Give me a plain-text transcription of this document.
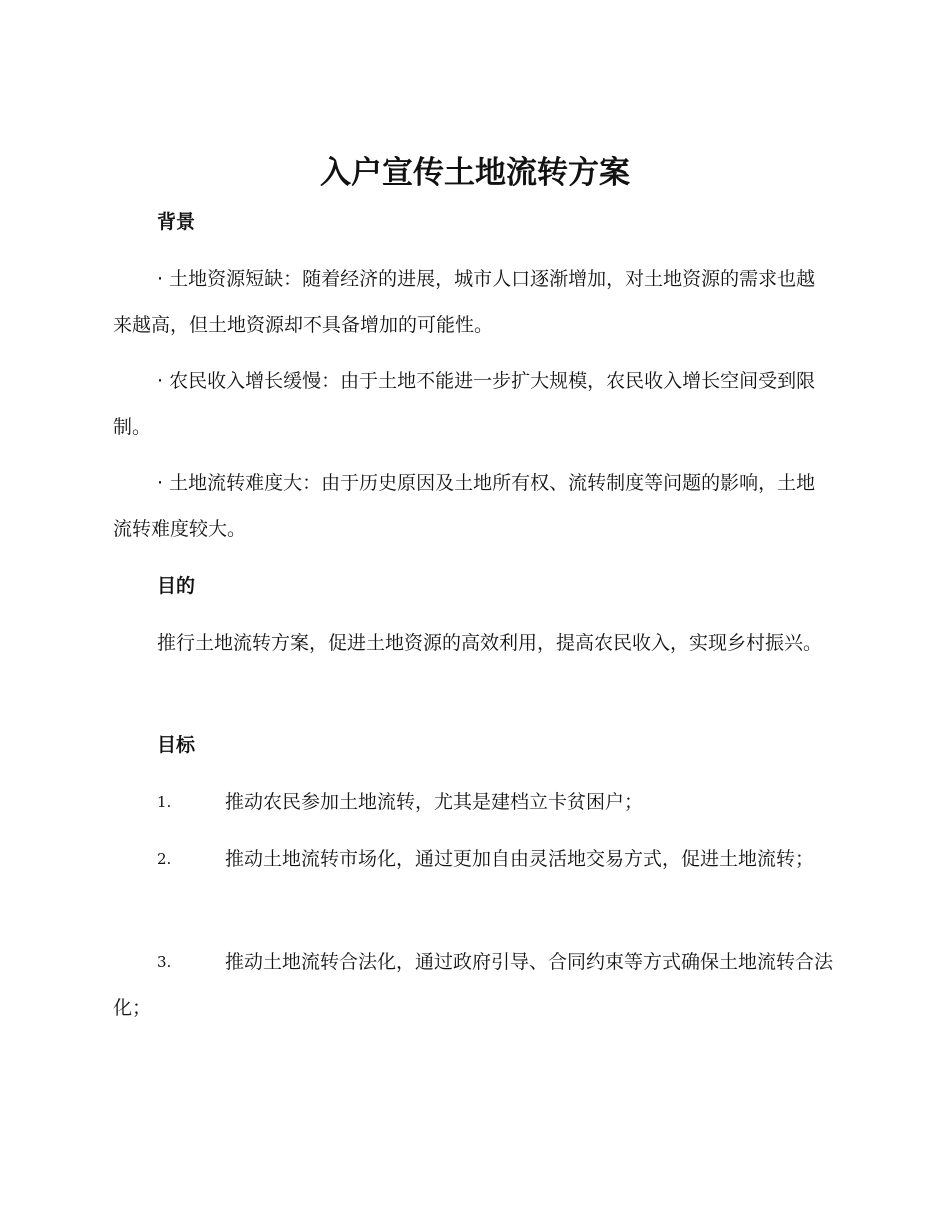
入户宣传土地流转方案
背景

· 土地资源短缺：随着经济的进展，城市人口逐渐增加，对土地资源的需求也越来越高，但土地资源却不具备增加的可能性。

· 农民收入增长缓慢：由于土地不能进一步扩大规模，农民收入增长空间受到限制。

· 土地流转难度大：由于历史原因及土地所有权、流转制度等问题的影响，土地流转难度较大。

目的

推行土地流转方案，促进土地资源的高效利用，提高农民收入，实现乡村振兴。

目标
1.	推动农民参加土地流转，尤其是建档立卡贫困户；
2.	推动土地流转市场化，通过更加自由灵活地交易方式，促进土地流转；
3.	推动土地流转合法化，通过政府引导、合同约束等方式确保土地流转合法化；
